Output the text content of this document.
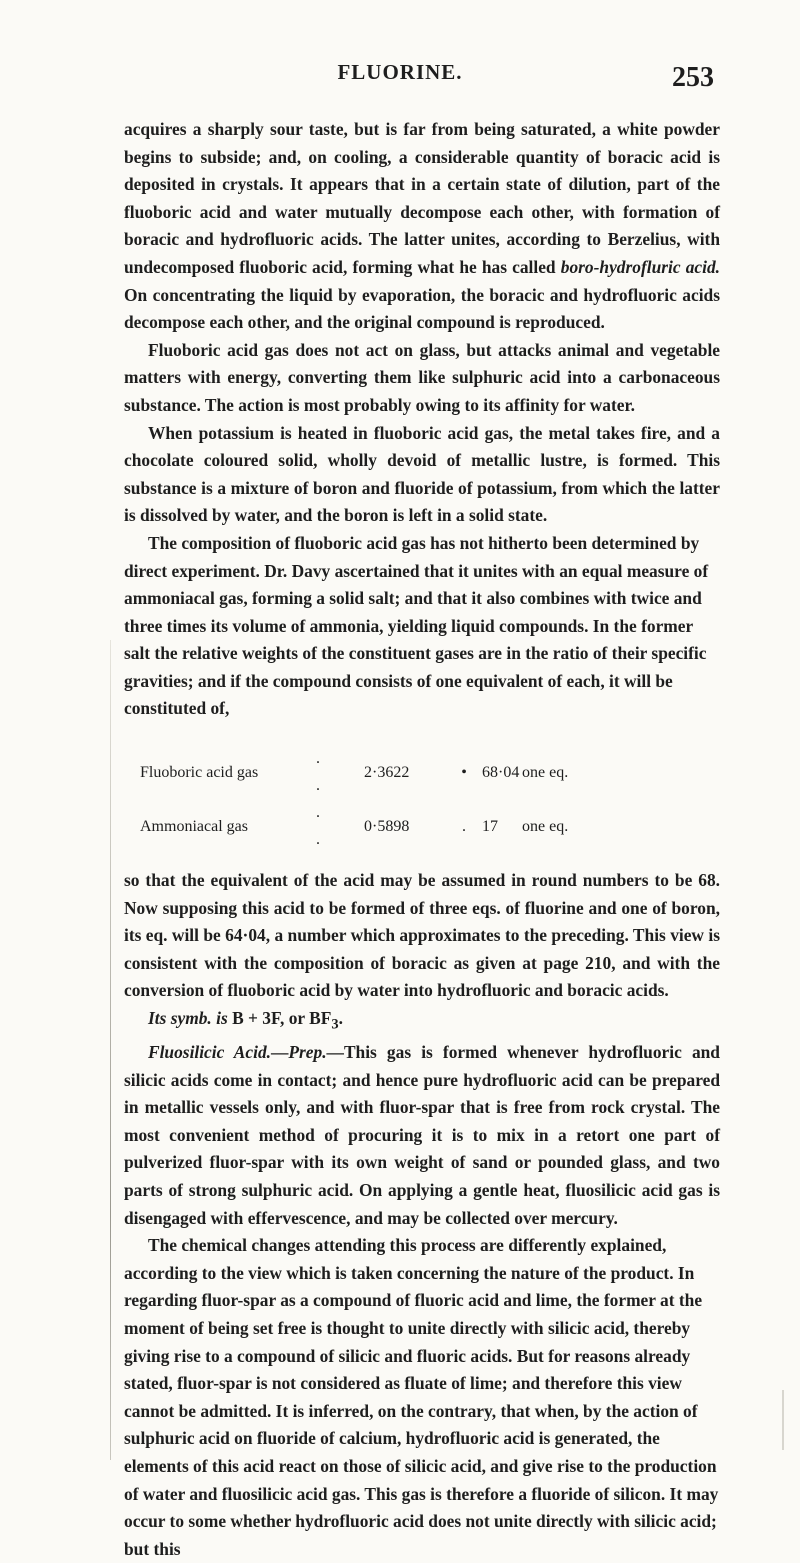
FLUORINE.	253

acquires a sharply sour taste, but is far from being saturated, a white powder begins to subside; and, on cooling, a considerable quantity of boracic acid is deposited in crystals. It appears that in a certain state of dilution, part of the fluoboric acid and water mutually decompose each other, with formation of boracic and hydrofluoric acids. The latter unites, according to Berzelius, with undecomposed fluoboric acid, forming what he has called boro-hydrofluric acid. On concentrating the liquid by evaporation, the boracic and hydrofluoric acids decompose each other, and the original compound is reproduced.

Fluoboric acid gas does not act on glass, but attacks animal and vegetable matters with energy, converting them like sulphuric acid into a carbonaceous substance. The action is most probably owing to its affinity for water.

When potassium is heated in fluoboric acid gas, the metal takes fire, and a chocolate coloured solid, wholly devoid of metallic lustre, is formed. This substance is a mixture of boron and fluoride of potassium, from which the latter is dissolved by water, and the boron is left in a solid state.

The composition of fluoboric acid gas has not hitherto been determined by direct experiment. Dr. Davy ascertained that it unites with an equal measure of ammoniacal gas, forming a solid salt; and that it also combines with twice and three times its volume of ammonia, yielding liquid compounds. In the former salt the relative weights of the constituent gases are in the ratio of their specific gravities; and if the compound consists of one equivalent of each, it will be constituted of,

Fluoboric acid gas	. .	2·3622	•	68·04	one eq.
Ammoniacal gas	. .	0·5898	.	17	one eq.

so that the equivalent of the acid may be assumed in round numbers to be 68. Now supposing this acid to be formed of three eqs. of fluorine and one of boron, its eq. will be 64·04, a number which approximates to the preceding. This view is consistent with the composition of boracic as given at page 210, and with the conversion of fluoboric acid by water into hydrofluoric and boracic acids.

Its symb. is B + 3F, or $BF_3$.

Fluosilicic Acid.—Prep.—This gas is formed whenever hydrofluoric and silicic acids come in contact; and hence pure hydrofluoric acid can be prepared in metallic vessels only, and with fluor-spar that is free from rock crystal. The most convenient method of procuring it is to mix in a retort one part of pulverized fluor-spar with its own weight of sand or pounded glass, and two parts of strong sulphuric acid. On applying a gentle heat, fluosilicic acid gas is disengaged with effervescence, and may be collected over mercury.

The chemical changes attending this process are differently explained, according to the view which is taken concerning the nature of the product. In regarding fluor-spar as a compound of fluoric acid and lime, the former at the moment of being set free is thought to unite directly with silicic acid, thereby giving rise to a compound of silicic and fluoric acids. But for reasons already stated, fluor-spar is not considered as fluate of lime; and therefore this view cannot be admitted. It is inferred, on the contrary, that when, by the action of sulphuric acid on fluoride of calcium, hydrofluoric acid is generated, the elements of this acid react on those of silicic acid, and give rise to the production of water and fluosilicic acid gas. This gas is therefore a fluoride of silicon. It may occur to some whether hydrofluoric acid does not unite directly with silicic acid; but this
